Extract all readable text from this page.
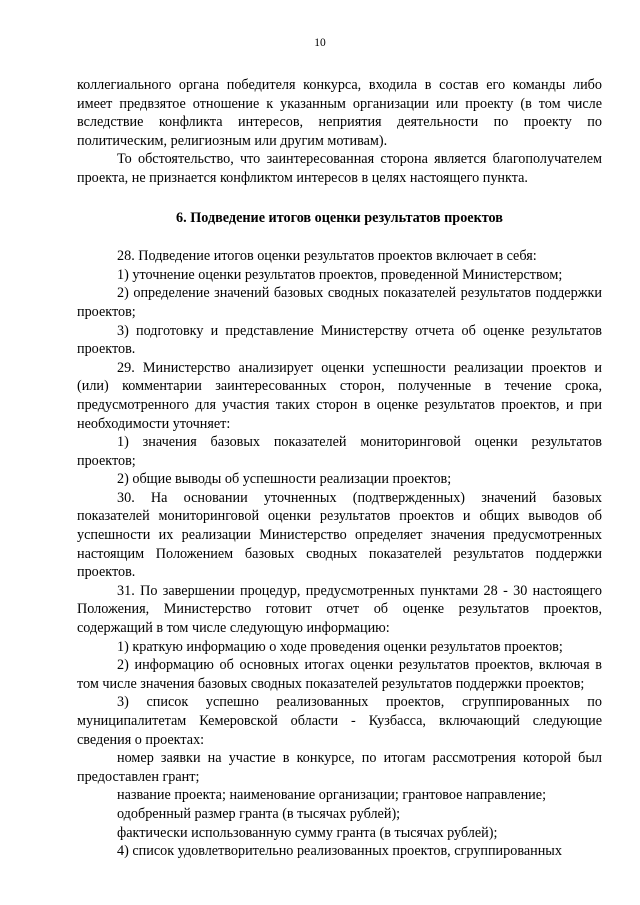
10

коллегиального органа победителя конкурса, входила в состав его команды либо имеет предвзятое отношение к указанным организации или проекту (в том числе вследствие конфликта интересов, неприятия деятельности по проекту по политическим, религиозным или другим мотивам).

То обстоятельство, что заинтересованная сторона является благополучателем проекта, не признается конфликтом интересов в целях настоящего пункта.

6. Подведение итогов оценки результатов проектов

28. Подведение итогов оценки результатов проектов включает в себя:

1) уточнение оценки результатов проектов, проведенной Министерством;

2) определение значений базовых сводных показателей результатов поддержки проектов;

3) подготовку и представление Министерству отчета об оценке результатов проектов.

29. Министерство анализирует оценки успешности реализации проектов и (или) комментарии заинтересованных сторон, полученные в течение срока, предусмотренного для участия таких сторон в оценке результатов проектов, и при необходимости уточняет:

1) значения базовых показателей мониторинговой оценки результатов проектов;

2) общие выводы об успешности реализации проектов;

30. На основании уточненных (подтвержденных) значений базовых показателей мониторинговой оценки результатов проектов и общих выводов об успешности их реализации Министерство определяет значения предусмотренных настоящим Положением базовых сводных показателей результатов поддержки проектов.

31. По завершении процедур, предусмотренных пунктами 28 - 30 настоящего Положения, Министерство готовит отчет об оценке результатов проектов, содержащий в том числе следующую информацию:

1) краткую информацию о ходе проведения оценки результатов проектов;

2) информацию об основных итогах оценки результатов проектов, включая в том числе значения базовых сводных показателей результатов поддержки проектов;

3) список успешно реализованных проектов, сгруппированных по муниципалитетам Кемеровской области - Кузбасса, включающий следующие сведения о проектах:

номер заявки на участие в конкурсе, по итогам рассмотрения которой был предоставлен грант;

название проекта; наименование организации; грантовое направление;

одобренный размер гранта (в тысячах рублей);

фактически использованную сумму гранта (в тысячах рублей);

4) список удовлетворительно реализованных проектов, сгруппированных
